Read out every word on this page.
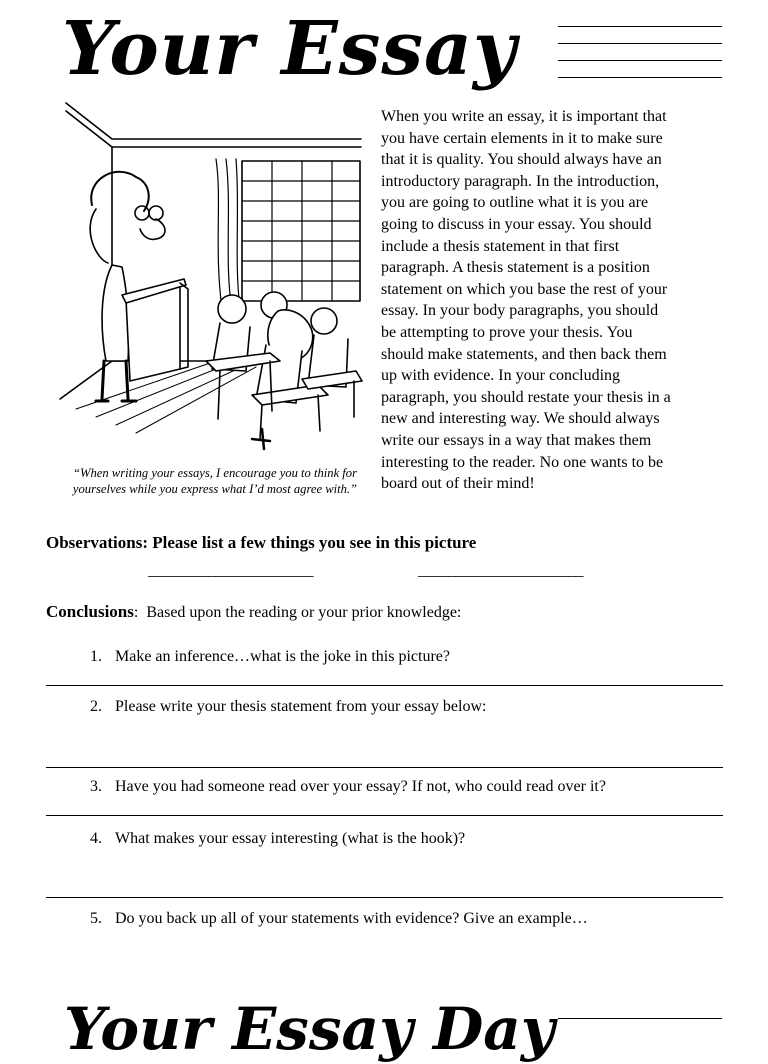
Your Essay
“When writing your essays, I encourage you to think for yourselves while you express what I’d most agree with.”
When you write an essay, it is important that
you have certain elements in it to make sure
that it is quality. You should always have an
introductory paragraph. In the introduction,
you are going to outline what it is you are
going to discuss in your essay. You should
include a thesis statement in that first
paragraph. A thesis statement is a position
statement on which you base the rest of your
essay. In your body paragraphs, you should
be attempting to prove your thesis. You
should make statements, and then back them
up with evidence. In your concluding
paragraph, you should restate your thesis in a
new and interesting way. We should always
write our essays in a way that makes them
interesting to the reader. No one wants to be
board out of their mind!
Observations: Please list a few things you see in this picture
______________________	______________________
Conclusions: Based upon the reading or your prior knowledge:
1. Make an inference…what is the joke in this picture?
2. Please write your thesis statement from your essay below:
3. Have you had someone read over your essay? If not, who could read over it?
4. What makes your essay interesting (what is the hook)?
5. Do you back up all of your statements with evidence? Give an example…
Your Essay Day
